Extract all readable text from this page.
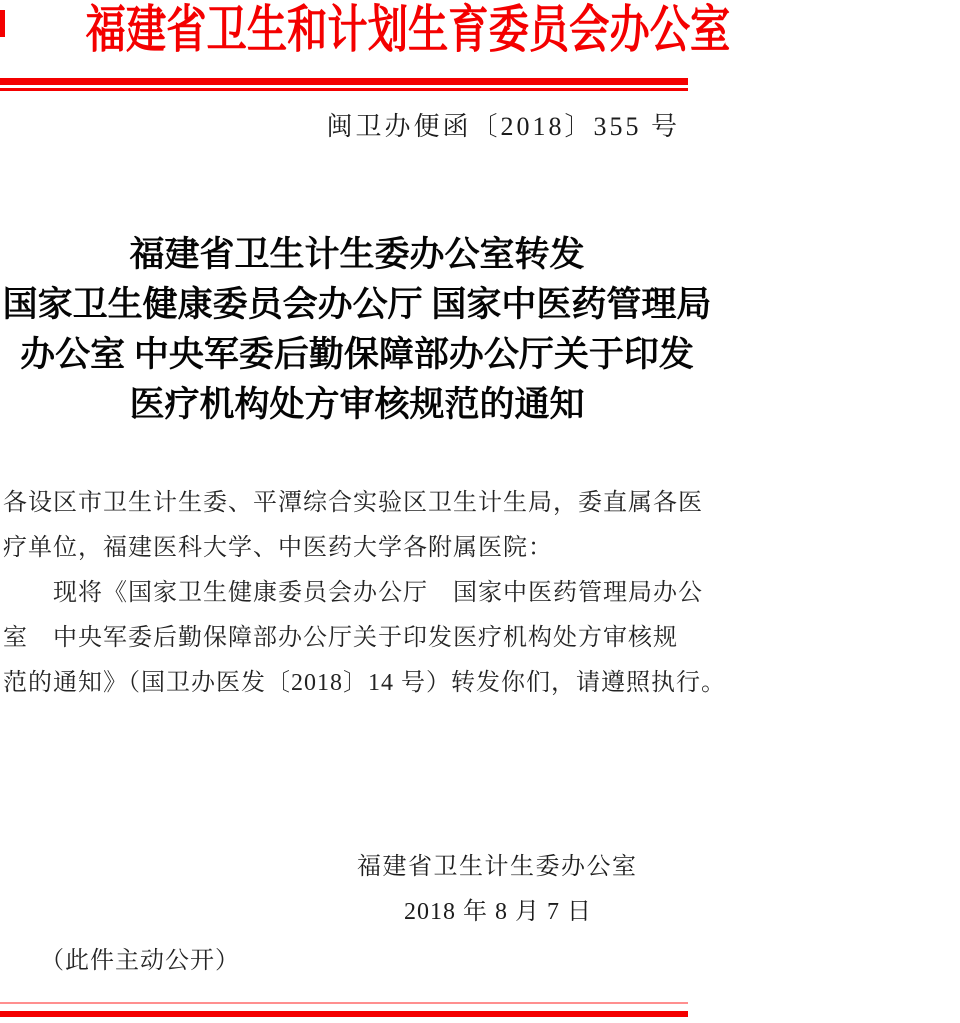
福建省卫生和计划生育委员会办公室
闽卫办便函〔2018〕355 号
福建省卫生计生委办公室转发
国家卫生健康委员会办公厅 国家中医药管理局
办公室 中央军委后勤保障部办公厅关于印发
医疗机构处方审核规范的通知
各设区市卫生计生委、平潭综合实验区卫生计生局，委直属各医
疗单位，福建医科大学、中医药大学各附属医院：
现将《国家卫生健康委员会办公厅　国家中医药管理局办公
室　中央军委后勤保障部办公厅关于印发医疗机构处方审核规
范的通知》（国卫办医发〔2018〕14 号）转发你们，请遵照执行。
福建省卫生计生委办公室
2018 年 8 月 7 日
（此件主动公开）
